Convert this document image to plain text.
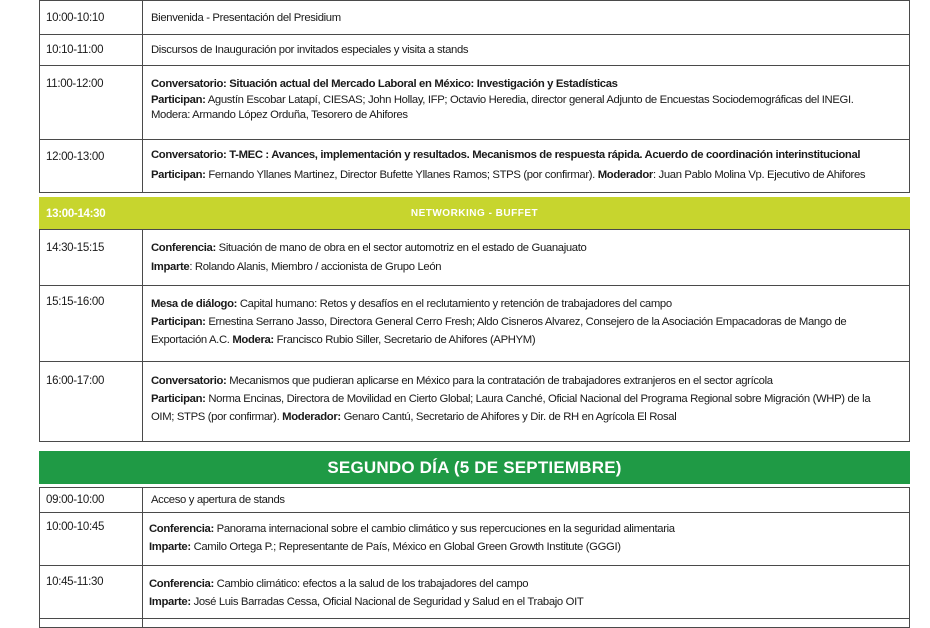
10:00-10:10	Bienvenida - Presentación del Presidium
10:10-11:00	Discursos de Inauguración por invitados especiales y visita a stands
11:00-12:00	Conversatorio: Situación actual del Mercado Laboral en México: Investigación y Estadísticas
Participan: Agustín Escobar Latapí, CIESAS; John Hollay, IFP; Octavio Heredia, director general Adjunto de Encuestas Sociodemográficas del INEGI.
Modera: Armando López Orduña, Tesorero de Ahifores
12:00-13:00	Conversatorio: T-MEC : Avances, implementación y resultados. Mecanismos de respuesta rápida. Acuerdo de coordinación interinstitucional
Participan: Fernando Yllanes Martinez, Director Bufette Yllanes Ramos; STPS (por confirmar). Moderador: Juan Pablo Molina Vp. Ejecutivo de Ahifores
13:00-14:30	NETWORKING - BUFFET
14:30-15:15	Conferencia: Situación de mano de obra en el sector automotriz en el estado de Guanajuato
Imparte: Rolando Alanis, Miembro / accionista de Grupo León
15:15-16:00	Mesa de diálogo: Capital humano: Retos y desafíos en el reclutamiento y retención de trabajadores del campo
Participan: Ernestina Serrano Jasso, Directora General Cerro Fresh; Aldo Cisneros Alvarez, Consejero de la Asociación Empacadoras de Mango de
Exportación A.C. Modera: Francisco Rubio Siller, Secretario de Ahifores (APHYM)
16:00-17:00	Conversatorio: Mecanismos que pudieran aplicarse en México para la contratación de trabajadores extranjeros en el sector agrícola
Participan: Norma Encinas, Directora de Movilidad en Cierto Global; Laura Canché, Oficial Nacional del Programa Regional sobre Migración (WHP) de la
OIM; STPS (por confirmar). Moderador: Genaro Cantú, Secretario de Ahifores y Dir. de RH en Agrícola El Rosal
SEGUNDO DÍA (5 DE SEPTIEMBRE)
09:00-10:00	Acceso y apertura de stands
10:00-10:45	Conferencia: Panorama internacional sobre el cambio climático y sus repercuciones en la seguridad alimentaria
Imparte: Camilo Ortega P.; Representante de País, México en Global Green Growth Institute (GGGI)
10:45-11:30	Conferencia: Cambio climático: efectos a la salud de los trabajadores del campo
Imparte: José Luis Barradas Cessa, Oficial Nacional de Seguridad y Salud en el Trabajo OIT
